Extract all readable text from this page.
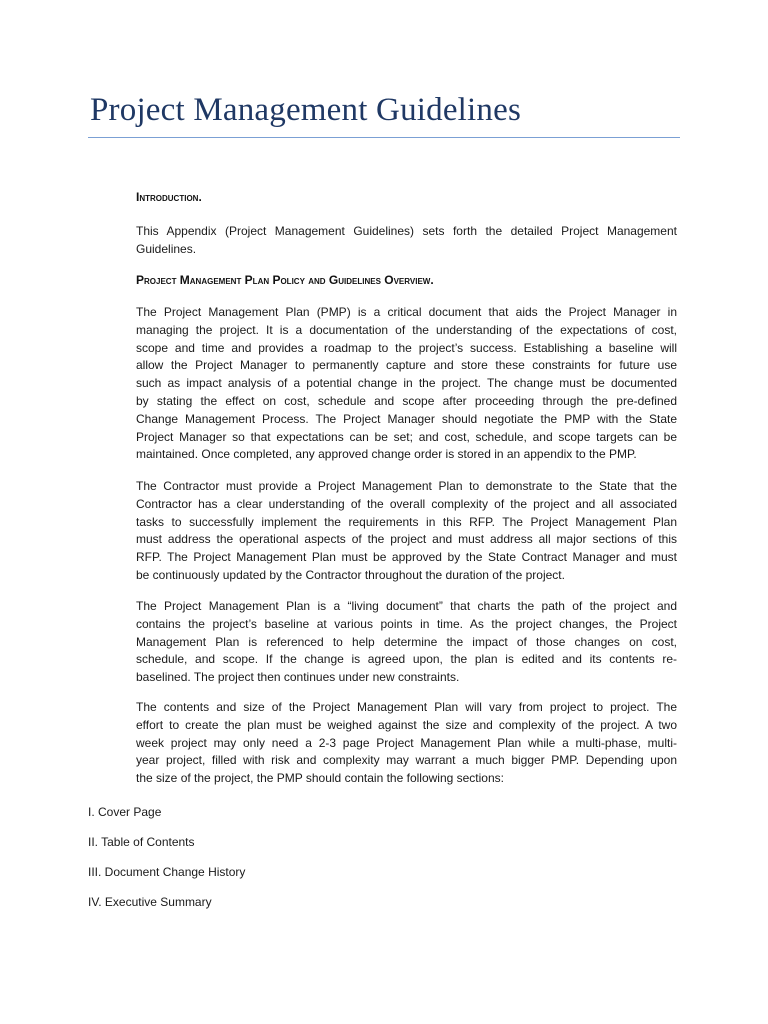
Project Management Guidelines
Introduction.
This Appendix (Project Management Guidelines) sets forth the detailed Project Management
Guidelines.
Project Management Plan Policy and Guidelines Overview.
The Project Management Plan (PMP) is a critical document that aids the Project Manager in
managing the project. It is a documentation of the understanding of the expectations of cost,
scope and time and provides a roadmap to the project’s success. Establishing a baseline will
allow the Project Manager to permanently capture and store these constraints for future use
such as impact analysis of a potential change in the project. The change must be documented
by stating the effect on cost, schedule and scope after proceeding through the pre-defined
Change Management Process. The Project Manager should negotiate the PMP with the State
Project Manager so that expectations can be set; and cost, schedule, and scope targets can be
maintained. Once completed, any approved change order is stored in an appendix to the PMP.
The Contractor must provide a Project Management Plan to demonstrate to the State that the
Contractor has a clear understanding of the overall complexity of the project and all associated
tasks to successfully implement the requirements in this RFP. The Project Management Plan
must address the operational aspects of the project and must address all major sections of this
RFP. The Project Management Plan must be approved by the State Contract Manager and must
be continuously updated by the Contractor throughout the duration of the project.
The Project Management Plan is a “living document” that charts the path of the project and
contains the project’s baseline at various points in time. As the project changes, the Project
Management Plan is referenced to help determine the impact of those changes on cost,
schedule, and scope. If the change is agreed upon, the plan is edited and its contents re-
baselined. The project then continues under new constraints.
The contents and size of the Project Management Plan will vary from project to project. The
effort to create the plan must be weighed against the size and complexity of the project. A two
week project may only need a 2-3 page Project Management Plan while a multi-phase, multi-
year project, filled with risk and complexity may warrant a much bigger PMP. Depending upon
the size of the project, the PMP should contain the following sections:
I. Cover Page
II. Table of Contents
III. Document Change History
IV. Executive Summary
